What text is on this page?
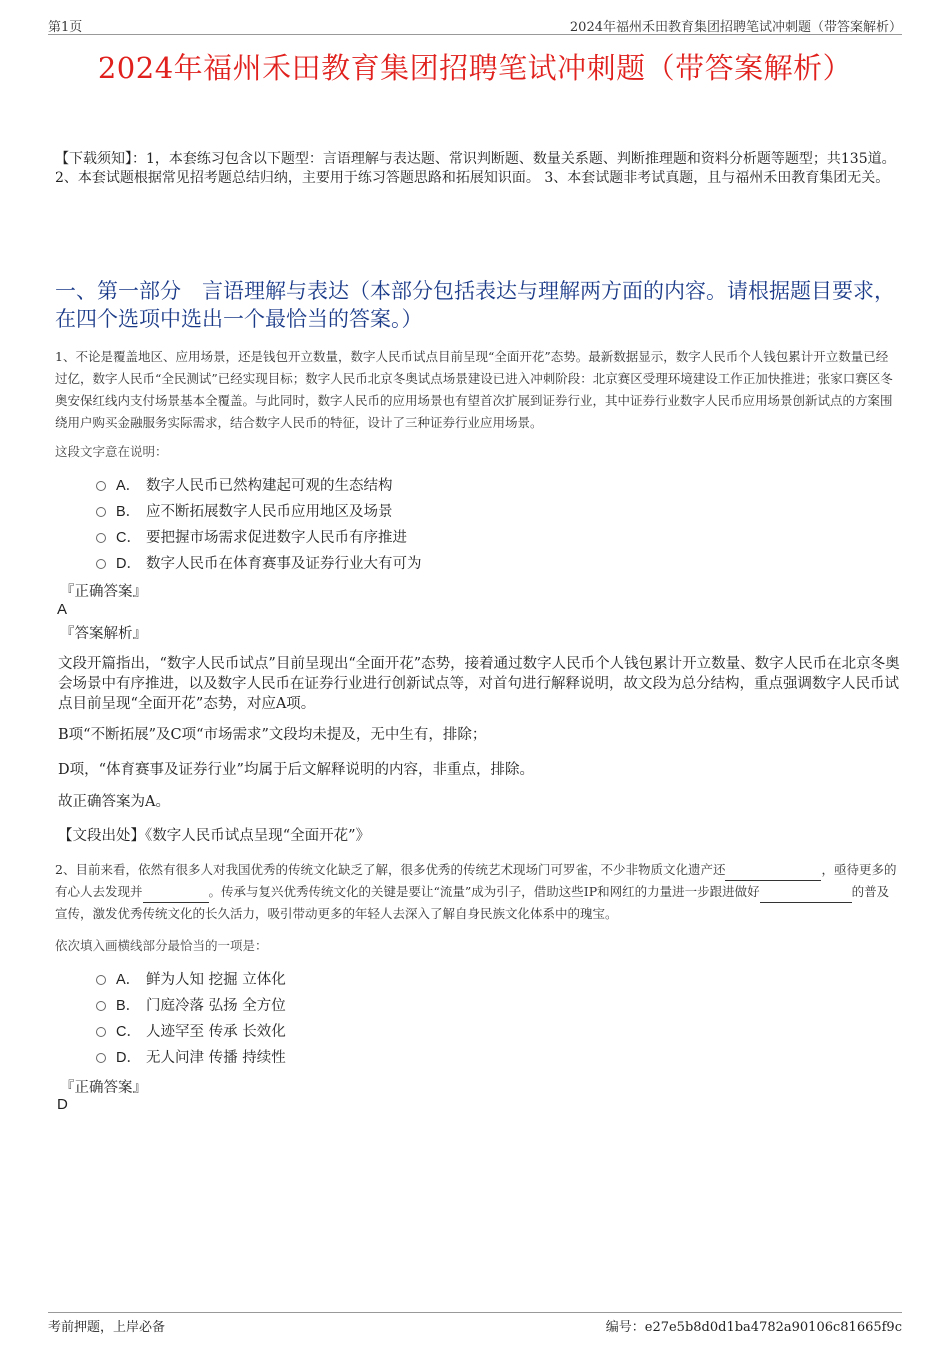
第1页	2024年福州禾田教育集团招聘笔试冲刺题（带答案解析）
2024年福州禾田教育集团招聘笔试冲刺题（带答案解析）
【下载须知】：1，本套练习包含以下题型：言语理解与表达题、常识判断题、数量关系题、判断推理题和资料分析题等题型；共135道。 2、本套试题根据常见招考题总结归纳，主要用于练习答题思路和拓展知识面。 3、本套试题非考试真题，且与福州禾田教育集团无关。
一、第一部分　言语理解与表达（本部分包括表达与理解两方面的内容。请根据题目要求，在四个选项中选出一个最恰当的答案。）
1、不论是覆盖地区、应用场景，还是钱包开立数量，数字人民币试点目前呈现“全面开花”态势。最新数据显示，数字人民币个人钱包累计开立数量已经过亿，数字人民币“全民测试”已经实现目标；数字人民币北京冬奥试点场景建设已进入冲刺阶段：北京赛区受理环境建设工作正加快推进；张家口赛区冬奥安保红线内支付场景基本全覆盖。与此同时，数字人民币的应用场景也有望首次扩展到证券行业，其中证券行业数字人民币应用场景创新试点的方案围绕用户购买金融服务实际需求，结合数字人民币的特征，设计了三种证券行业应用场景。
这段文字意在说明：
A． 数字人民币已然构建起可观的生态结构
B． 应不断拓展数字人民币应用地区及场景
C． 要把握市场需求促进数字人民币有序推进
D． 数字人民币在体育赛事及证券行业大有可为
『正确答案』
A
『答案解析』
文段开篇指出，“数字人民币试点”目前呈现出“全面开花”态势，接着通过数字人民币个人钱包累计开立数量、数字人民币在北京冬奥会场景中有序推进，以及数字人民币在证券行业进行创新试点等，对首句进行解释说明，故文段为总分结构，重点强调数字人民币试点目前呈现“全面开花”态势，对应A项。
B项“不断拓展”及C项“市场需求”文段均未提及，无中生有，排除；
D项，“体育赛事及证券行业”均属于后文解释说明的内容，非重点，排除。
故正确答案为A。
【文段出处】《数字人民币试点呈现“全面开花”》
2、目前来看，依然有很多人对我国优秀的传统文化缺乏了解，很多优秀的传统艺术现场门可罗雀，不少非物质文化遗产还	，亟待更多的有心人去发现并	。传承与复兴优秀传统文化的关键是要让“流量”成为引子，借助这些IP和网红的力量进一步跟进做好	的普及宣传，激发优秀传统文化的长久活力，吸引带动更多的年轻人去深入了解自身民族文化体系中的瑰宝。
依次填入画横线部分最恰当的一项是：
A． 鲜为人知 挖掘 立体化
B． 门庭冷落 弘扬 全方位
C． 人迹罕至 传承 长效化
D． 无人问津 传播 持续性
『正确答案』
D
考前押题，上岸必备	编号：e27e5b8d0d1ba4782a90106c81665f9c
